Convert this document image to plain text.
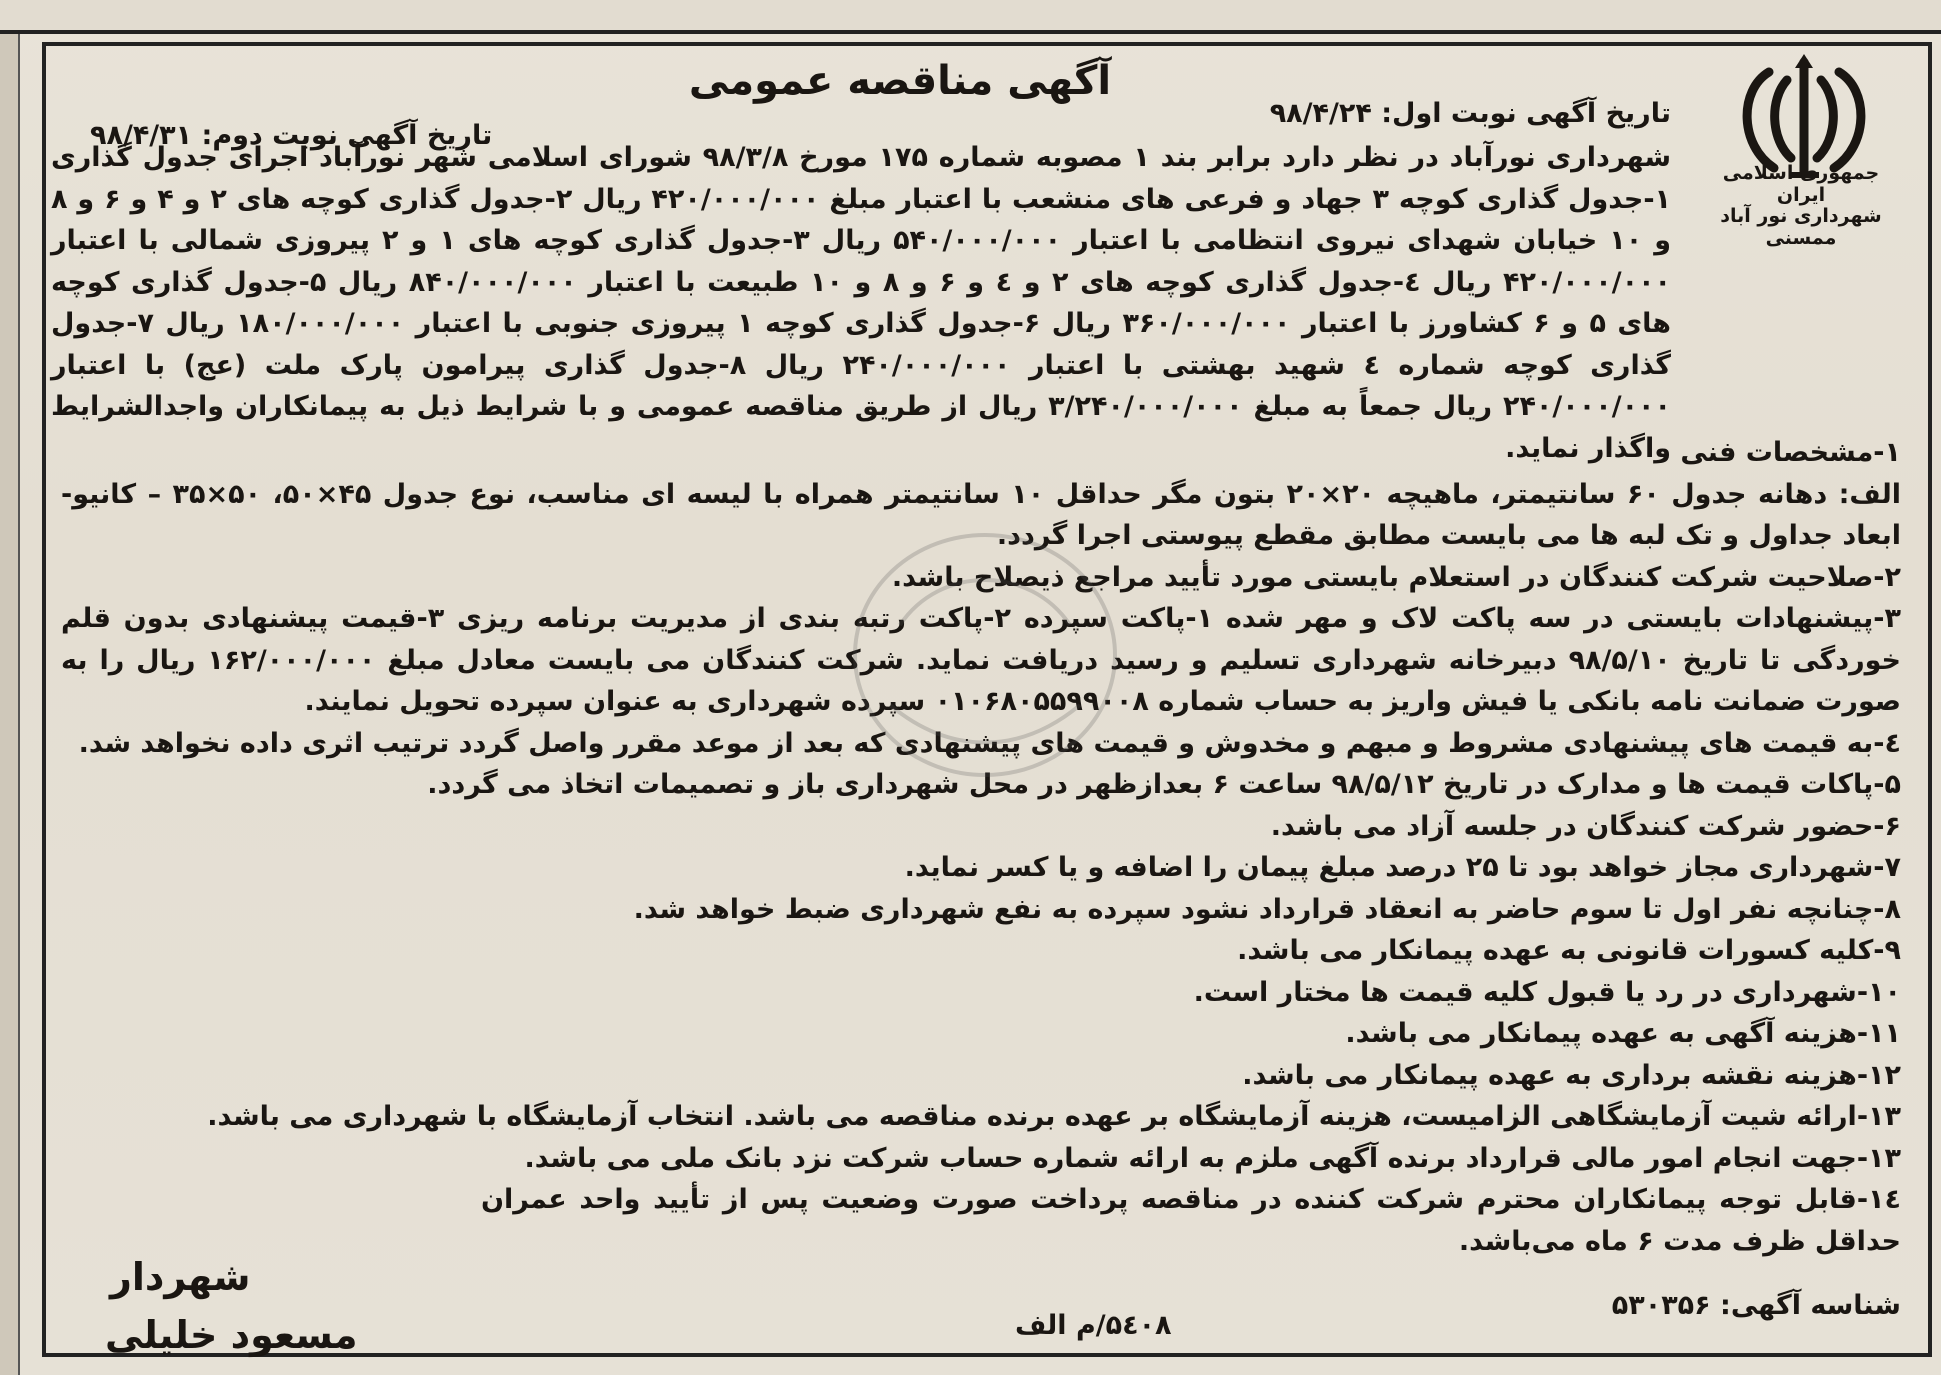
جمهوری اسلامی ایران
شهرداری نور آباد ممسنی
آگهی مناقصه عمومی
تاریخ آگهی نوبت اول: ۹۸/۴/۲۴
تاریخ آگهی نوبت دوم: ۹۸/۴/۳۱

شهرداری نورآباد در نظر دارد برابر بند ۱ مصوبه شماره ۱۷۵ مورخ ۹۸/۳/۸ شورای اسلامی شهر نورآباد اجرای جدول گذاری ۱-جدول گذاری کوچه ۳ جهاد و فرعی های منشعب با اعتبار مبلغ ۴۲۰/۰۰۰/۰۰۰ ریال ۲-جدول گذاری کوچه های ۲ و ۴ و ۶ و ۸ و ۱۰ خیابان شهدای نیروی انتظامی با اعتبار ۵۴۰/۰۰۰/۰۰۰ ریال ۳-جدول گذاری کوچه های ۱ و ۲ پیروزی شمالی با اعتبار ۴۲۰/۰۰۰/۰۰۰ ریال ٤-جدول گذاری کوچه های ۲ و ٤ و ۶ و ۸ و ۱۰ طبیعت با اعتبار ۸۴۰/۰۰۰/۰۰۰ ریال ۵-جدول گذاری کوچه های ۵ و ۶ کشاورز با اعتبار ۳۶۰/۰۰۰/۰۰۰ ریال ۶-جدول گذاری کوچه ۱ پیروزی جنوبی با اعتبار ۱۸۰/۰۰۰/۰۰۰ ریال ۷-جدول گذاری کوچه شماره ٤ شهید بهشتی با اعتبار ۲۴۰/۰۰۰/۰۰۰ ریال ۸-جدول گذاری پیرامون پارک ملت (عج) با اعتبار ۲۴۰/۰۰۰/۰۰۰ ریال جمعاً به مبلغ ۳/۲۴۰/۰۰۰/۰۰۰ ریال از طریق مناقصه عمومی و با شرایط ذیل به پیمانکاران واجدالشرایط واگذار نماید. ۱-مشخصات فنی

الف: دهانه جدول ۶۰ سانتیمتر، ماهیچه ۲۰×۲۰ بتون مگر حداقل ۱۰ سانتیمتر همراه با لیسه ای مناسب، نوع جدول ۴۵×۵۰، ۵۰×۳۵ – کانیو- ابعاد جداول و تک لبه ها می بایست مطابق مقطع پیوستی اجرا گردد.

۲-صلاحیت شرکت کنندگان در استعلام بایستی مورد تأیید مراجع ذیصلاح باشد.

۳-پیشنهادات بایستی در سه پاکت لاک و مهر شده ۱-پاکت سپرده ۲-پاکت رتبه بندی از مدیریت برنامه ریزی ۳-قیمت پیشنهادی بدون قلم خوردگی تا تاریخ ۹۸/۵/۱۰ دبیرخانه شهرداری تسلیم و رسید دریافت نماید. شرکت کنندگان می بایست معادل مبلغ ۱۶۲/۰۰۰/۰۰۰ ریال را به صورت ضمانت نامه بانکی یا فیش واریز به حساب شماره ۰۱۰۶۸۰۵۵۹۹۰۰۸ سپرده شهرداری به عنوان سپرده تحویل نمایند.

٤-به قیمت های پیشنهادی مشروط و مبهم و مخدوش و قیمت های پیشنهادی که بعد از موعد مقرر واصل گردد ترتیب اثری داده نخواهد شد.

۵-پاکات قیمت ها و مدارک در تاریخ ۹۸/۵/۱۲ ساعت ۶ بعدازظهر در محل شهرداری باز و تصمیمات اتخاذ می گردد.

۶-حضور شرکت کنندگان در جلسه آزاد می باشد.

۷-شهرداری مجاز خواهد بود تا ۲۵ درصد مبلغ پیمان را اضافه و یا کسر نماید.

۸-چنانچه نفر اول تا سوم حاضر به انعقاد قرارداد نشود سپرده به نفع شهرداری ضبط خواهد شد.

۹-کلیه کسورات قانونی به عهده پیمانکار می باشد.

۱۰-شهرداری در رد یا قبول کلیه قیمت ها مختار است.

۱۱-هزینه آگهی به عهده پیمانکار می باشد.

۱۲-هزینه نقشه برداری به عهده پیمانکار می باشد.

۱۳-ارائه شیت آزمایشگاهی الزامیست، هزینه آزمایشگاه بر عهده برنده مناقصه می باشد. انتخاب آزمایشگاه با شهرداری می باشد.

۱۳-جهت انجام امور مالی قرارداد برنده آگهی ملزم به ارائه شماره حساب شرکت نزد بانک ملی می باشد.

۱٤-قابل توجه پیمانکاران محترم شرکت کننده در مناقصه پرداخت صورت وضعیت پس از تأیید واحد عمران حداقل ظرف مدت ۶ ماه می‌باشد.

شناسه آگهی: ۵۳۰۳۵۶
۵٤۰۸/م الف
شهردار
مسعود خلیلی
